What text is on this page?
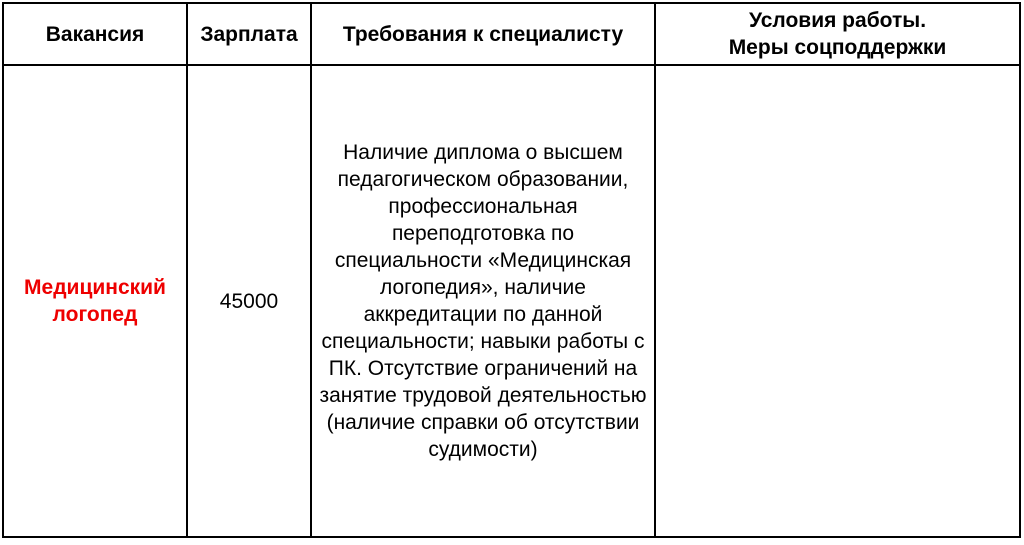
Вакансия	Зарплата	Требования к специалисту	Условия работы.
Меры соцподдержки

Медицинский
логопед	45000	Наличие диплома о высшем педагогическом образовании, профессиональная переподготовка по специальности «Медицинская логопедия», наличие аккредитации по данной специальности; навыки работы с ПК. Отсутствие ограничений на занятие трудовой деятельностью (наличие справки об отсутствии судимости)	
